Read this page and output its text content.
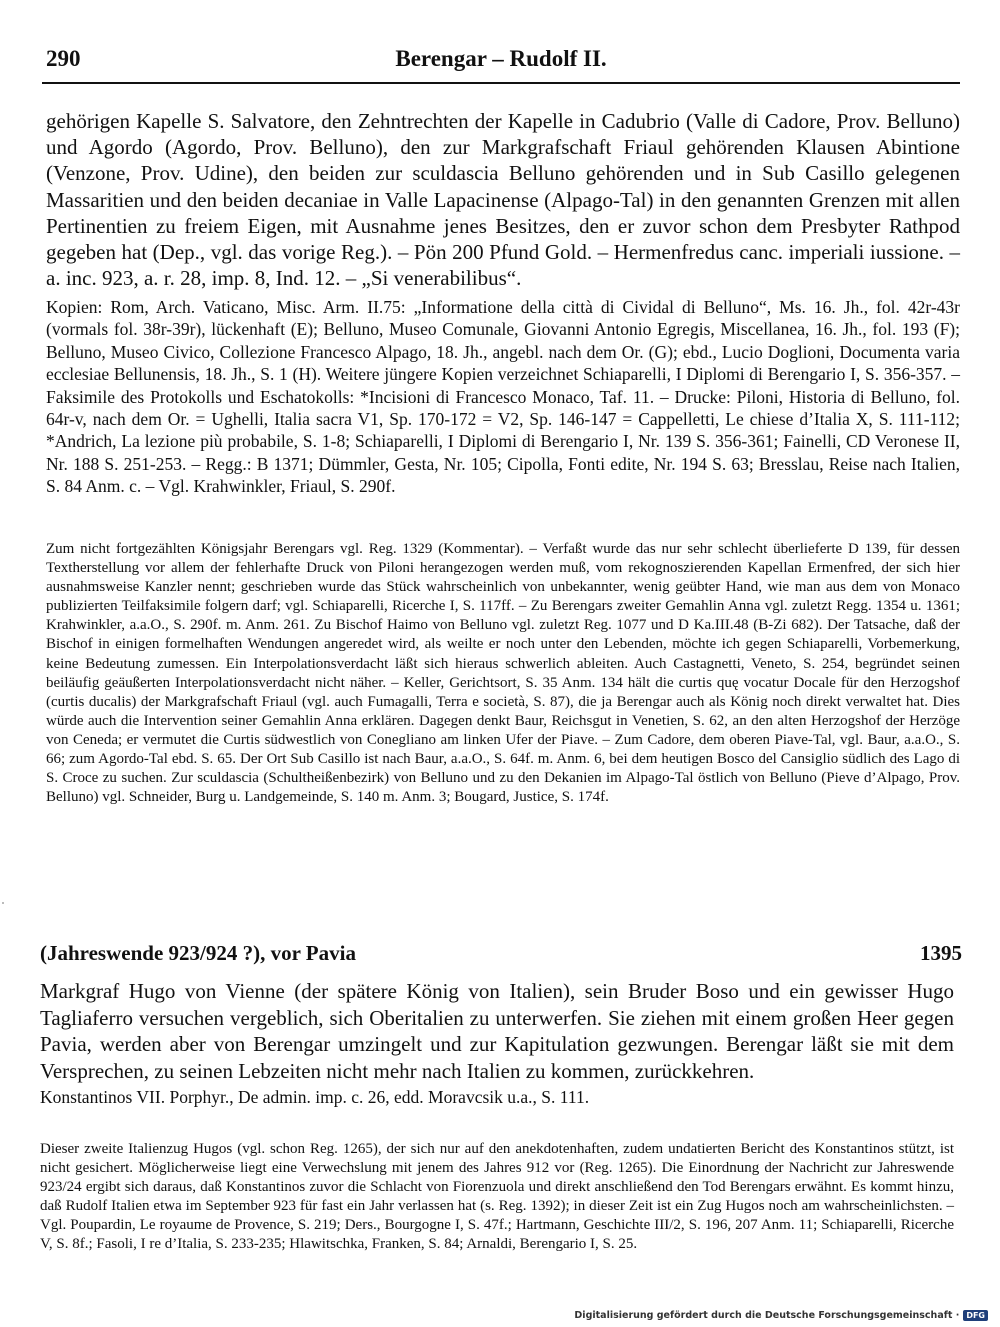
290	Berengar – Rudolf II.
gehörigen Kapelle S. Salvatore, den Zehntrechten der Kapelle in Cadubrio (Valle di Cadore, Prov. Belluno) und Agordo (Agordo, Prov. Belluno), den zur Markgrafschaft Friaul gehörenden Klausen Abintione (Venzone, Prov. Udine), den beiden zur sculdascia Belluno gehörenden und in Sub Casillo gelegenen Massaritien und den beiden decaniae in Valle Lapacinense (Alpago-Tal) in den genannten Grenzen mit allen Pertinentien zu freiem Eigen, mit Ausnahme jenes Besitzes, den er zuvor schon dem Presbyter Rathpod gegeben hat (Dep., vgl. das vorige Reg.). – Pön 200 Pfund Gold. – Hermenfredus canc. imperiali iussione. – a. inc. 923, a. r. 28, imp. 8, Ind. 12. – „Si venerabilibus“.
Kopien: Rom, Arch. Vaticano, Misc. Arm. II.75: „Informatione della città di Cividal di Belluno“, Ms. 16. Jh., fol. 42r-43r (vormals fol. 38r-39r), lückenhaft (E); Belluno, Museo Comunale, Giovanni Antonio Egregis, Miscellanea, 16. Jh., fol. 193 (F); Belluno, Museo Civico, Collezione Francesco Alpago, 18. Jh., angebl. nach dem Or. (G); ebd., Lucio Doglioni, Documenta varia ecclesiae Bellunensis, 18. Jh., S. 1 (H). Weitere jüngere Kopien verzeichnet Schiaparelli, I Diplomi di Berengario I, S. 356-357. – Faksimile des Protokolls und Eschatokolls: *Incisioni di Francesco Monaco, Taf. 11. – Drucke: Piloni, Historia di Belluno, fol. 64r-v, nach dem Or. = Ughelli, Italia sacra V1, Sp. 170-172 = V2, Sp. 146-147 = Cappelletti, Le chiese d’Italia X, S. 111-112; *Andrich, La lezione più probabile, S. 1-8; Schiaparelli, I Diplomi di Berengario I, Nr. 139 S. 356-361; Fainelli, CD Veronese II, Nr. 188 S. 251-253. – Regg.: B 1371; Dümmler, Gesta, Nr. 105; Cipolla, Fonti edite, Nr. 194 S. 63; Bresslau, Reise nach Italien, S. 84 Anm. c. – Vgl. Krahwinkler, Friaul, S. 290f.
Zum nicht fortgezählten Königsjahr Berengars vgl. Reg. 1329 (Kommentar). – Verfaßt wurde das nur sehr schlecht überlieferte D 139, für dessen Textherstellung vor allem der fehlerhafte Druck von Piloni herangezogen werden muß, vom rekognoszierenden Kapellan Ermenfred, der sich hier ausnahmsweise Kanzler nennt; geschrieben wurde das Stück wahrscheinlich von unbekannter, wenig geübter Hand, wie man aus dem von Monaco publizierten Teilfaksimile folgern darf; vgl. Schiaparelli, Ricerche I, S. 117ff. – Zu Berengars zweiter Gemahlin Anna vgl. zuletzt Regg. 1354 u. 1361; Krahwinkler, a.a.O., S. 290f. m. Anm. 261. Zu Bischof Haimo von Belluno vgl. zuletzt Reg. 1077 und D Ka.III.48 (B-Zi 682). Der Tatsache, daß der Bischof in einigen formelhaften Wendungen angeredet wird, als weilte er noch unter den Lebenden, möchte ich gegen Schiaparelli, Vorbemerkung, keine Bedeutung zumessen. Ein Interpolationsverdacht läßt sich hieraus schwerlich ableiten. Auch Castagnetti, Veneto, S. 254, begründet seinen beiläufig geäußerten Interpolationsverdacht nicht näher. – Keller, Gerichtsort, S. 35 Anm. 134 hält die curtis quę vocatur Docale für den Herzogshof (curtis ducalis) der Markgrafschaft Friaul (vgl. auch Fumagalli, Terra e società, S. 87), die ja Berengar auch als König noch direkt verwaltet hat. Dies würde auch die Intervention seiner Gemahlin Anna erklären. Dagegen denkt Baur, Reichsgut in Venetien, S. 62, an den alten Herzogshof der Herzöge von Ceneda; er vermutet die Curtis südwestlich von Conegliano am linken Ufer der Piave. – Zum Cadore, dem oberen Piave-Tal, vgl. Baur, a.a.O., S. 66; zum Agordo-Tal ebd. S. 65. Der Ort Sub Casillo ist nach Baur, a.a.O., S. 64f. m. Anm. 6, bei dem heutigen Bosco del Cansiglio südlich des Lago di S. Croce zu suchen. Zur sculdascia (Schultheißenbezirk) von Belluno und zu den Dekanien im Alpago-Tal östlich von Belluno (Pieve d’Alpago, Prov. Belluno) vgl. Schneider, Burg u. Landgemeinde, S. 140 m. Anm. 3; Bougard, Justice, S. 174f.
(Jahreswende 923/924 ?), vor Pavia	1395
Markgraf Hugo von Vienne (der spätere König von Italien), sein Bruder Boso und ein gewisser Hugo Tagliaferro versuchen vergeblich, sich Oberitalien zu unterwerfen. Sie ziehen mit einem großen Heer gegen Pavia, werden aber von Berengar umzingelt und zur Kapitulation gezwungen. Berengar läßt sie mit dem Versprechen, zu seinen Lebzeiten nicht mehr nach Italien zu kommen, zurückkehren.
Konstantinos VII. Porphyr., De admin. imp. c. 26, edd. Moravcsik u.a., S. 111.
Dieser zweite Italienzug Hugos (vgl. schon Reg. 1265), der sich nur auf den anekdotenhaften, zudem undatierten Bericht des Konstantinos stützt, ist nicht gesichert. Möglicherweise liegt eine Verwechslung mit jenem des Jahres 912 vor (Reg. 1265). Die Einordnung der Nachricht zur Jahreswende 923/24 ergibt sich daraus, daß Konstantinos zuvor die Schlacht von Fiorenzuola und direkt anschließend den Tod Berengars erwähnt. Es kommt hinzu, daß Rudolf Italien etwa im September 923 für fast ein Jahr verlassen hat (s. Reg. 1392); in dieser Zeit ist ein Zug Hugos noch am wahrscheinlichsten. – Vgl. Poupardin, Le royaume de Provence, S. 219; Ders., Bourgogne I, S. 47f.; Hartmann, Geschichte III/2, S. 196, 207 Anm. 11; Schiaparelli, Ricerche V, S. 8f.; Fasoli, I re d’Italia, S. 233-235; Hlawitschka, Franken, S. 84; Arnaldi, Berengario I, S. 25.
Digitalisierung gefördert durch die Deutsche Forschungsgemeinschaft · DFG
